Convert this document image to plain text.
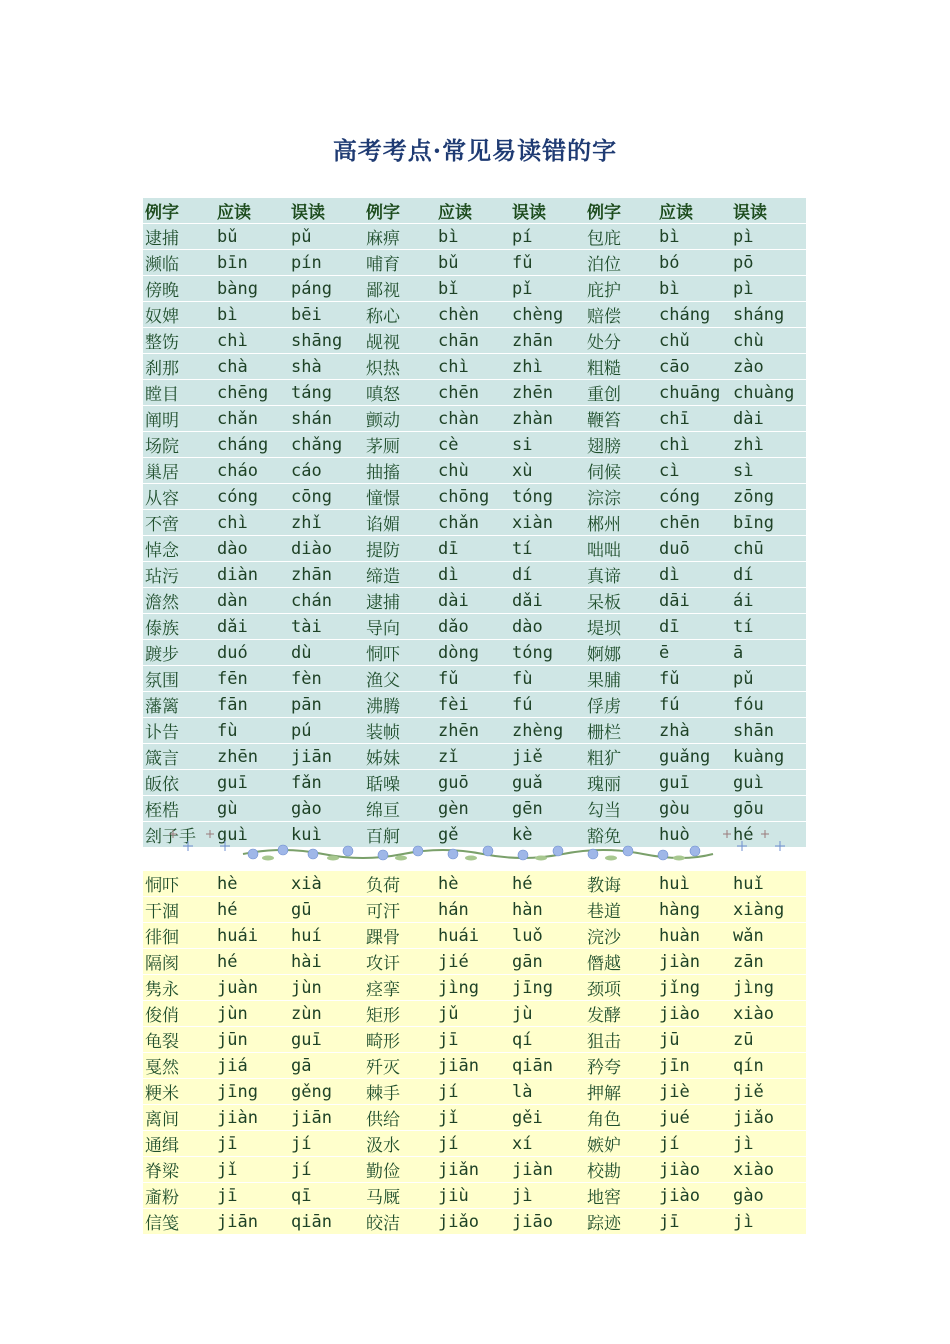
高考考点·常见易读错的字
例字	应读	误读	例字	应读	误读	例字	应读	误读
逮捕	bǔ	pǔ	麻痹	bì	pí	包庇	bì	pì
濒临	bīn	pín	哺育	bǔ	fǔ	泊位	bó	pō
傍晚	bàng	páng	鄙视	bǐ	pǐ	庇护	bì	pì
奴婢	bì	bēi	称心	chèn	chèng	赔偿	cháng	sháng
整饬	chì	shāng	觇视	chān	zhān	处分	chǔ	chù
刹那	chà	shà	炽热	chì	zhì	粗糙	cāo	zào
瞠目	chēng	táng	嗔怒	chēn	zhēn	重创	chuāng	chuàng
阐明	chǎn	shán	颤动	chàn	zhàn	鞭笞	chī	dài
场院	cháng	chǎng	茅厕	cè	si	翅膀	chì	zhì
巢居	cháo	cáo	抽搐	chù	xù	伺候	cì	sì
从容	cóng	cōng	憧憬	chōng	tóng	淙淙	cóng	zōng
不啻	chì	zhǐ	谄媚	chǎn	xiàn	郴州	chēn	bīng
悼念	dào	diào	提防	dī	tí	咄咄	duō	chū
玷污	diàn	zhān	缔造	dì	dí	真谛	dì	dí
澹然	dàn	chán	逮捕	dài	dǎi	呆板	dāi	ái
傣族	dǎi	tài	导向	dǎo	dào	堤坝	dī	tí
踱步	duó	dù	恫吓	dòng	tóng	婀娜	ē	ā
氛围	fēn	fèn	渔父	fǔ	fù	果脯	fǔ	pǔ
藩篱	fān	pān	沸腾	fèi	fú	俘虏	fú	fóu
讣告	fù	pú	装帧	zhēn	zhèng	栅栏	zhà	shān
箴言	zhēn	jiān	姊妹	zǐ	jiě	粗犷	guǎng	kuàng
皈依	guī	fǎn	聒噪	guō	guǎ	瑰丽	guī	guì
桎梏	gù	gào	绵亘	gèn	gēn	勾当	gòu	gōu
刽子手	guì	kuì	百舸	gě	kè	豁免	huò	hé
恫吓	hè	xià	负荷	hè	hé	教诲	huì	huǐ
干涸	hé	gū	可汗	hán	hàn	巷道	hàng	xiàng
徘徊	huái	huí	踝骨	huái	luǒ	浣沙	huàn	wǎn
隔阂	hé	hài	攻讦	jié	gān	僭越	jiàn	zān
隽永	juàn	jùn	痉挛	jìng	jīng	颈项	jǐng	jìng
俊俏	jùn	zùn	矩形	jǔ	jù	发酵	jiào	xiào
龟裂	jūn	guī	畸形	jī	qí	狙击	jū	zū
戛然	jiá	gā	歼灭	jiān	qiān	矜夸	jīn	qín
粳米	jīng	gěng	棘手	jí	là	押解	jiè	jiě
离间	jiàn	jiān	供给	jǐ	gěi	角色	jué	jiǎo
通缉	jī	jí	汲水	jí	xí	嫉妒	jí	jì
脊梁	jǐ	jí	勤俭	jiǎn	jiàn	校勘	jiào	xiào
齑粉	jī	qī	马厩	jiù	jì	地窖	jiào	gào
信笺	jiān	qiān	皎洁	jiǎo	jiāo	踪迹	jī	jì
